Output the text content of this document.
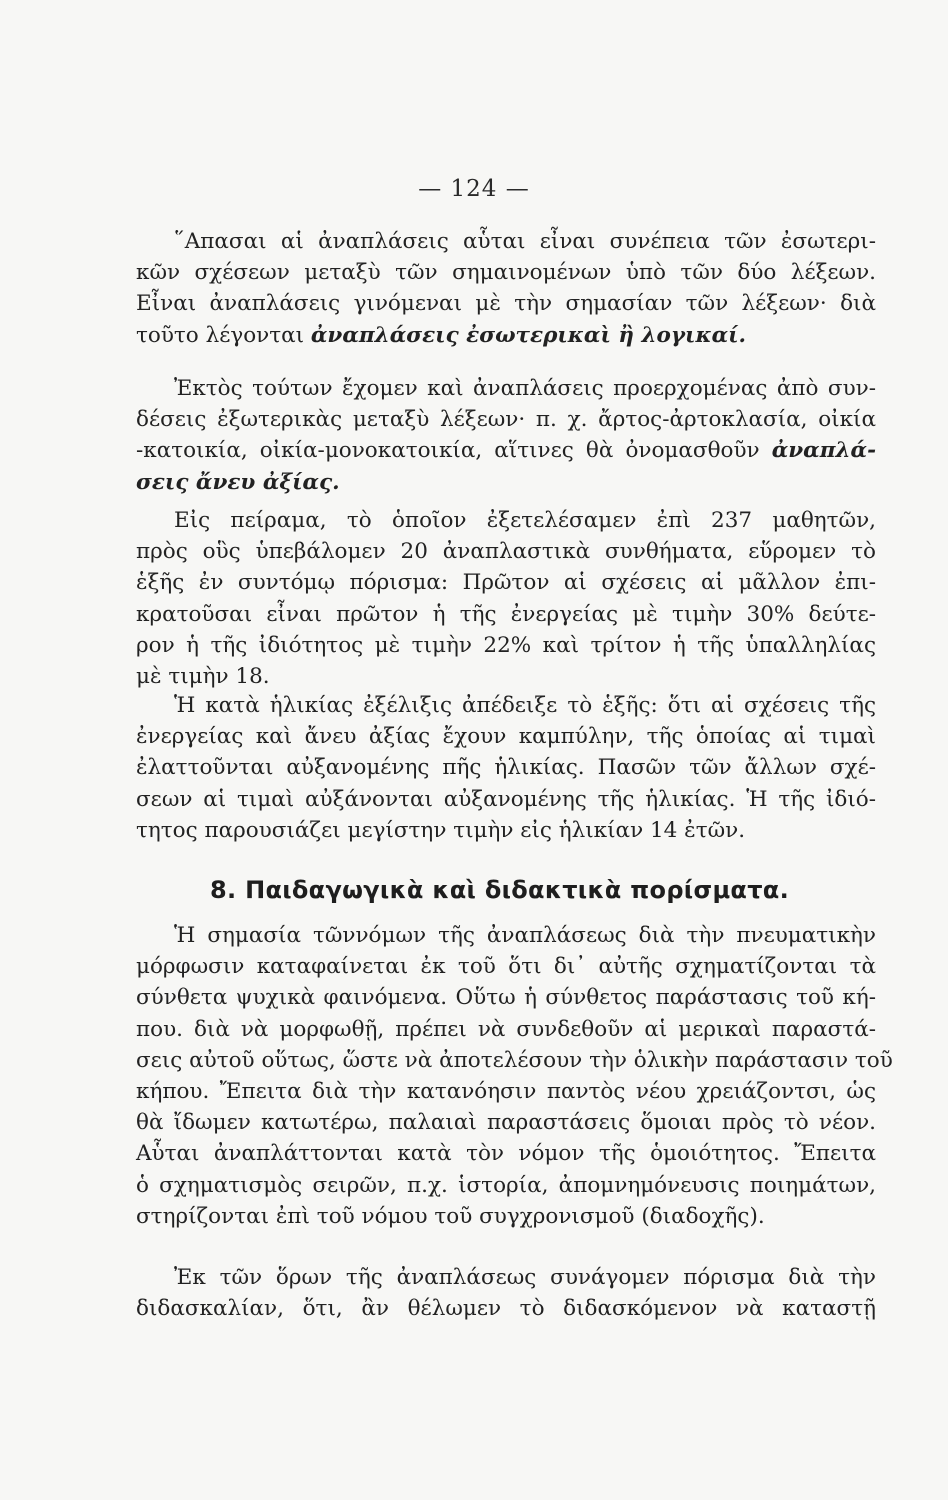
— 124 —
῞Απασαι αἱ ἀναπλάσεις αὗται εἶναι συνέπεια τῶν ἐσωτερι-
κῶν σχέσεων μεταξὺ τῶν σημαινομένων ὑπὸ τῶν δύο λέξεων.
Εἶναι ἀναπλάσεις γινόμεναι μὲ τὴν σημασίαν τῶν λέξεων· διὰ
τοῦτο λέγονται ἀναπλάσεις ἐσωτερικαὶ ἢ λογικαί.
Ἐκτὸς τούτων ἔχομεν καὶ ἀναπλάσεις προερχομένας ἀπὸ συν-
δέσεις ἐξωτερικὰς μεταξὺ λέξεων· π. χ. ἄρτος-ἀρτοκλασία, οἰκία
-κατοικία, οἰκία-μονοκατοικία, αἵτινες θὰ ὀνομασθοῦν ἀναπλά-
σεις ἄνευ ἀξίας.
Εἰς πείραμα, τὸ ὁποῖον ἐξετελέσαμεν ἐπὶ 237 μαθητῶν,
πρὸς οὓς ὑπεβάλομεν 20 ἀναπλαστικὰ συνθήματα, εὕρομεν τὸ
ἑξῆς ἐν συντόμῳ πόρισμα: Πρῶτον αἱ σχέσεις αἱ μᾶλλον ἐπι-
κρατοῦσαι εἶναι πρῶτον ἡ τῆς ἐνεργείας μὲ τιμὴν 30% δεύτε-
ρον ἡ τῆς ἰδιότητος μὲ τιμὴν 22% καὶ τρίτον ἡ τῆς ὑπαλληλίας
μὲ τιμὴν 18.
Ἡ κατὰ ἡλικίας ἐξέλιξις ἀπέδειξε τὸ ἑξῆς: ὅτι αἱ σχέσεις τῆς
ἐνεργείας καὶ ἄνευ ἀξίας ἔχουν καμπύλην, τῆς ὁποίας αἱ τιμαὶ
ἐλαττοῦνται αὐξανομένης πῆς ἡλικίας. Πασῶν τῶν ἄλλων σχέ-
σεων αἱ τιμαὶ αὐξάνονται αὐξανομένης τῆς ἡλικίας. Ἡ τῆς ἰδιό-
τητος παρουσιάζει μεγίστην τιμὴν εἰς ἡλικίαν 14 ἐτῶν.
8. Παιδαγωγικὰ καὶ διδακτικὰ πορίσματα.
Ἡ σημασία τῶννόμων τῆς ἀναπλάσεως διὰ τὴν πνευματικὴν
μόρφωσιν καταφαίνεται ἐκ τοῦ ὅτι δι᾽ αὐτῆς σχηματίζονται τὰ
σύνθετα ψυχικὰ φαινόμενα. Οὕτω ἡ σύνθετος παράστασις τοῦ κή-
που. διὰ νὰ μορφωθῇ, πρέπει νὰ συνδεθοῦν αἱ μερικαὶ παραστά-
σεις αὐτοῦ οὕτως, ὥστε νὰ ἀποτελέσουν τὴν ὁλικὴν παράστασιν τοῦ
κήπου. Ἔπειτα διὰ τὴν κατανόησιν παντὸς νέου χρειάζοντσι, ὡς
θὰ ἴδωμεν κατωτέρω, παλαιαὶ παραστάσεις ὅμοιαι πρὸς τὸ νέον.
Αὗται ἀναπλάττονται κατὰ τὸν νόμον τῆς ὁμοιότητος. Ἔπειτα
ὁ σχηματισμὸς σειρῶν, π.χ. ἱστορία, ἀπομνημόνευσις ποιημάτων,
στηρίζονται ἐπὶ τοῦ νόμου τοῦ συγχρονισμοῦ (διαδοχῆς).
Ἐκ τῶν ὅρων τῆς ἀναπλάσεως συνάγομεν πόρισμα διὰ τὴν
διδασκαλίαν, ὅτι, ἂν θέλωμεν τὸ διδασκόμενον νὰ καταστῇ
